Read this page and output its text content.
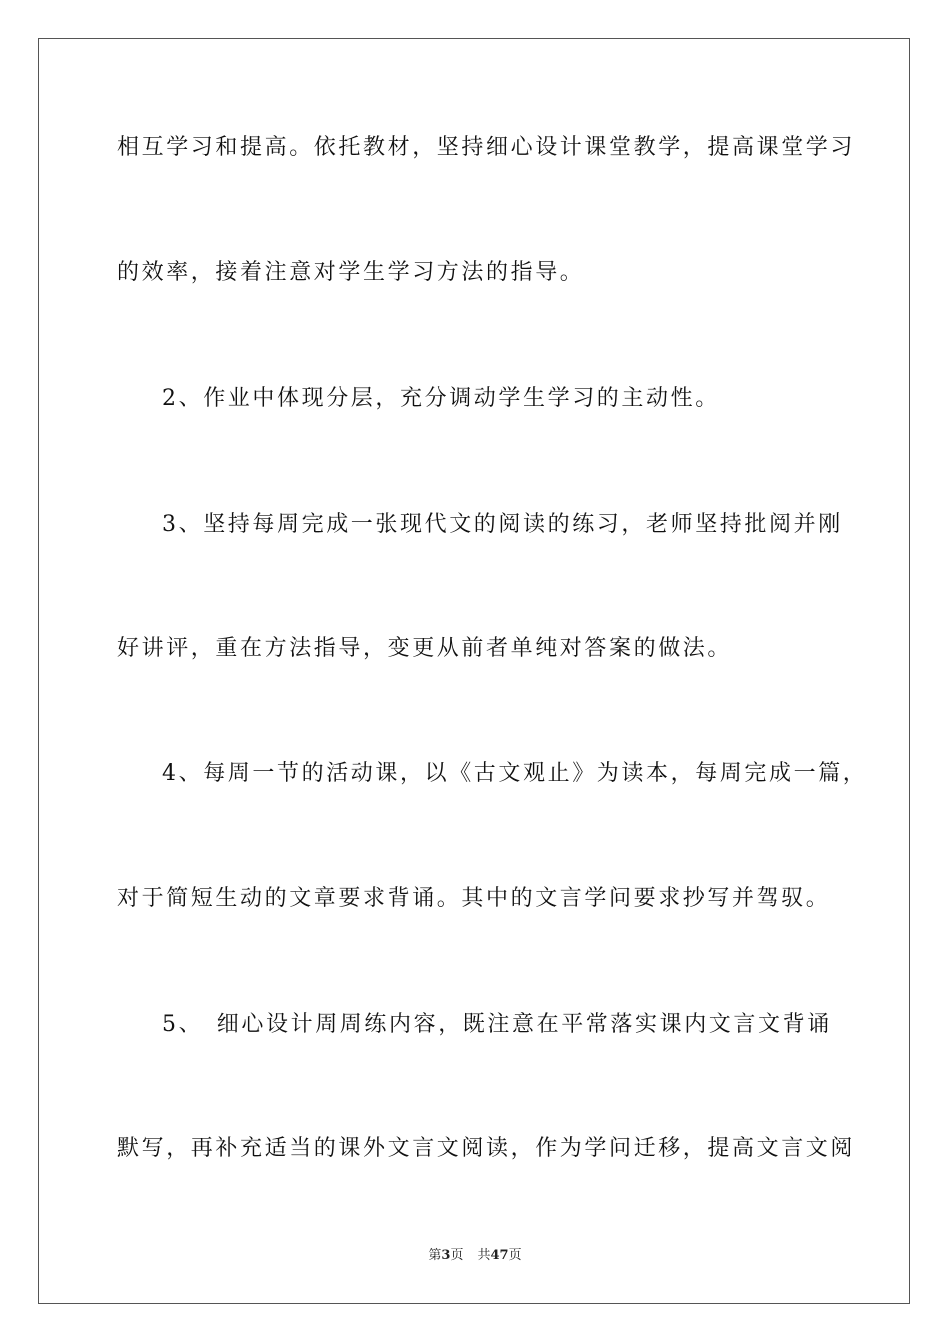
相互学习和提高。依托教材，坚持细心设计课堂教学，提高课堂学习
的效率，接着注意对学生学习方法的指导。
2、作业中体现分层，充分调动学生学习的主动性。
3、坚持每周完成一张现代文的阅读的练习，老师坚持批阅并刚
好讲评，重在方法指导，变更从前者单纯对答案的做法。
4、每周一节的活动课，以《古文观止》为读本，每周完成一篇，
对于简短生动的文章要求背诵。其中的文言学问要求抄写并驾驭。
5、　细心设计周周练内容，既注意在平常落实课内文言文背诵
默写，再补充适当的课外文言文阅读，作为学问迁移，提高文言文阅
第3页 共47页
